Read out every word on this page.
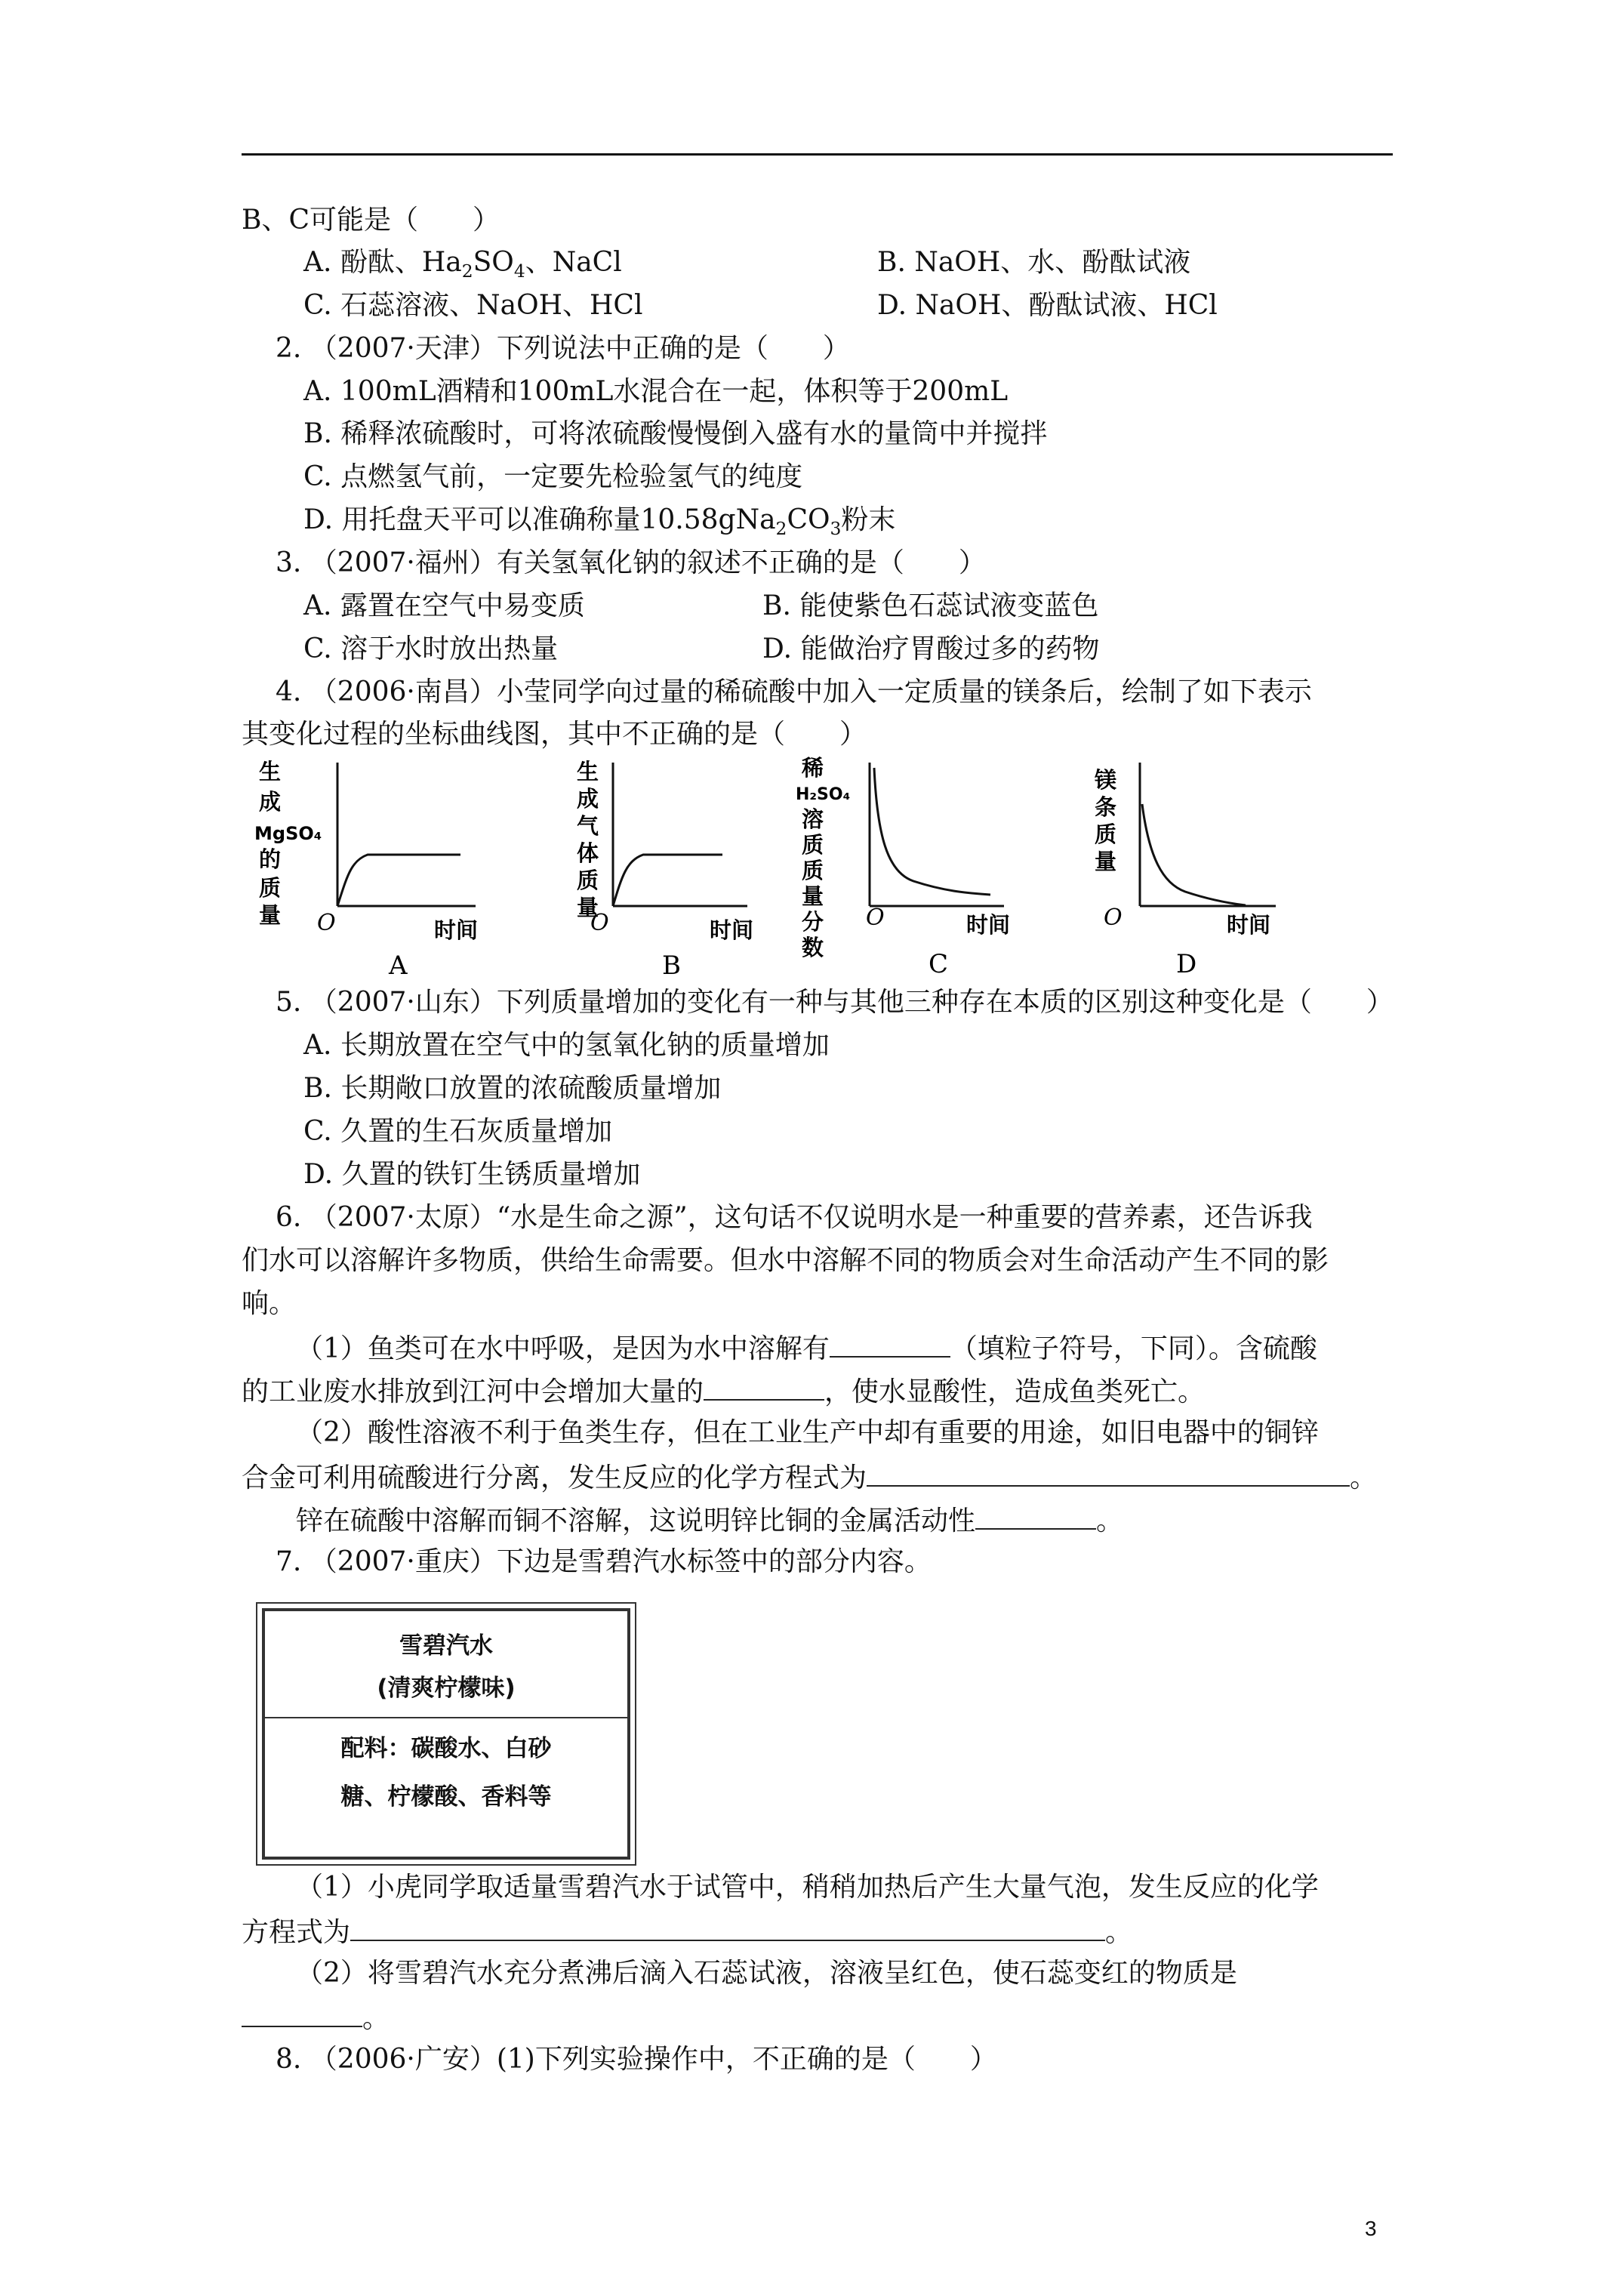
B、C可能是（　　）
A. 酚酞、$Ha_2SO_4$、NaCl	B. NaOH、水、酚酞试液
C. 石蕊溶液、NaOH、HCl	D. NaOH、酚酞试液、HCl
2. （2007·天津）下列说法中正确的是（　　）
A. 100mL酒精和100mL水混合在一起，体积等于200mL
B. 稀释浓硫酸时，可将浓硫酸慢慢倒入盛有水的量筒中并搅拌
C. 点燃氢气前，一定要先检验氢气的纯度
D. 用托盘天平可以准确称量$10.58gNa_2CO_3$粉末
3. （2007·福州）有关氢氧化钠的叙述不正确的是（　　）
A. 露置在空气中易变质	B. 能使紫色石蕊试液变蓝色
C. 溶于水时放出热量	D. 能做治疗胃酸过多的药物
4. （2006·南昌）小莹同学向过量的稀硫酸中加入一定质量的镁条后，绘制了如下表示
其变化过程的坐标曲线图，其中不正确的是（　　）
生
成
MgSO₄
的
质
量 O	时间
A
生
成
气
体
质
量
O	时间
B
稀
H₂SO₄
溶
质
质
量
分
数
O	时间
C
镁
条
质
量
O	时间
D
5. （2007·山东）下列质量增加的变化有一种与其他三种存在本质的区别这种变化是（　　）
A. 长期放置在空气中的氢氧化钠的质量增加
B. 长期敞口放置的浓硫酸质量增加
C. 久置的生石灰质量增加
D. 久置的铁钉生锈质量增加
6. （2007·太原）“水是生命之源”，这句话不仅说明水是一种重要的营养素，还告诉我
们水可以溶解许多物质，供给生命需要。但水中溶解不同的物质会对生命活动产生不同的影
响。
（1）鱼类可在水中呼吸，是因为水中溶解有	（填粒子符号，下同）。含硫酸
的工业废水排放到江河中会增加大量的	，使水显酸性，造成鱼类死亡。
（2）酸性溶液不利于鱼类生存，但在工业生产中却有重要的用途，如旧电器中的铜锌
合金可利用硫酸进行分离，发生反应的化学方程式为	。
锌在硫酸中溶解而铜不溶解，这说明锌比铜的金属活动性	。
7. （2007·重庆）下边是雪碧汽水标签中的部分内容。
雪碧汽水
(清爽柠檬味)
配料：碳酸水、白砂
糖、柠檬酸、香料等
（1）小虎同学取适量雪碧汽水于试管中，稍稍加热后产生大量气泡，发生反应的化学
方程式为	。
（2）将雪碧汽水充分煮沸后滴入石蕊试液，溶液呈红色，使石蕊变红的物质是
。
8. （2006·广安）(1)下列实验操作中，不正确的是（　　）
3
